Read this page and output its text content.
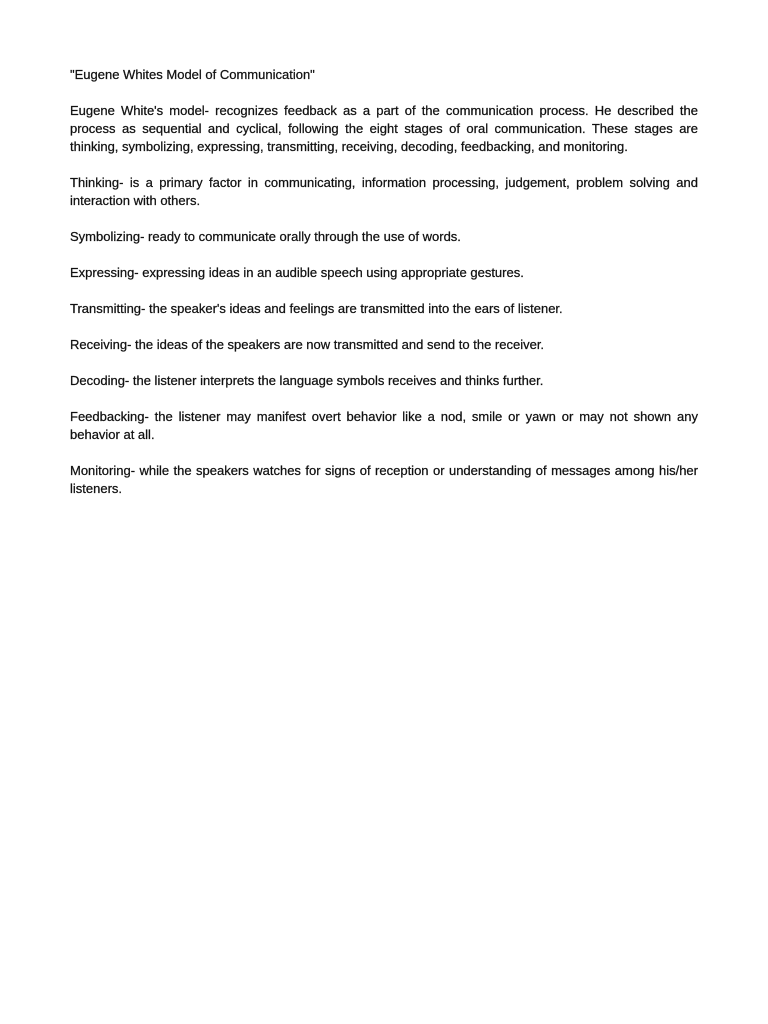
"Eugene Whites Model of Communication"

Eugene White's model- recognizes feedback as a part of the communication process. He described the process as sequential and cyclical, following the eight stages of oral communication. These stages are thinking, symbolizing, expressing, transmitting, receiving, decoding, feedbacking, and monitoring.

Thinking- is a primary factor in communicating, information processing, judgement, problem solving and interaction with others.

Symbolizing- ready to communicate orally through the use of words.

Expressing- expressing ideas in an audible speech using appropriate gestures.

Transmitting- the speaker's ideas and feelings are transmitted into the ears of listener.

Receiving- the ideas of the speakers are now transmitted and send to the receiver.

Decoding- the listener interprets the language symbols receives and thinks further.

Feedbacking- the listener may manifest overt behavior like a nod, smile or yawn or may not shown any behavior at all.

Monitoring- while the speakers watches for signs of reception or understanding of messages among his/her listeners.
